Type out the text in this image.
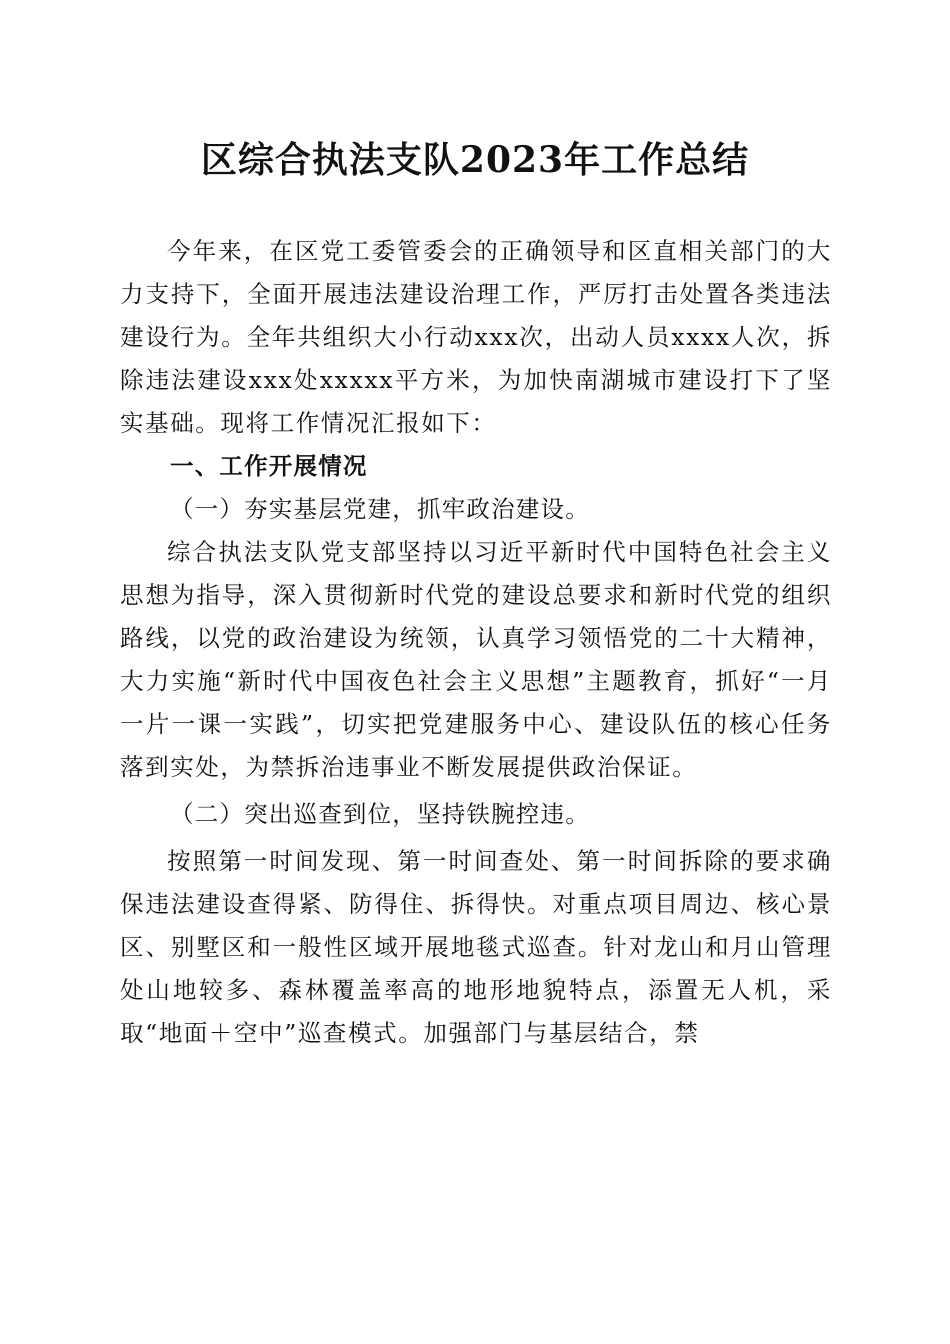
区综合执法支队2023年工作总结

今年来，在区党工委管委会的正确领导和区直相关部门的大力支持下，全面开展违法建设治理工作，严厉打击处置各类违法建设行为。全年共组织大小行动xxx次，出动人员xxxx人次，拆除违法建设xxx处xxxxx平方米，为加快南湖城市建设打下了坚实基础。现将工作情况汇报如下：

一、工作开展情况
（一）夯实基层党建，抓牢政治建设。

综合执法支队党支部坚持以习近平新时代中国特色社会主义思想为指导，深入贯彻新时代党的建设总要求和新时代党的组织路线，以党的政治建设为统领，认真学习领悟党的二十大精神，大力实施“新时代中国夜色社会主义思想”主题教育，抓好“一月一片一课一实践”，切实把党建服务中心、建设队伍的核心任务落到实处，为禁拆治违事业不断发展提供政治保证。

（二）突出巡查到位，坚持铁腕控违。

按照第一时间发现、第一时间查处、第一时间拆除的要求确保违法建设查得紧、防得住、拆得快。对重点项目周边、核心景区、别墅区和一般性区域开展地毯式巡查。针对龙山和月山管理处山地较多、森林覆盖率高的地形地貌特点，添置无人机，采取“地面＋空中”巡查模式。加强部门与基层结合，禁
